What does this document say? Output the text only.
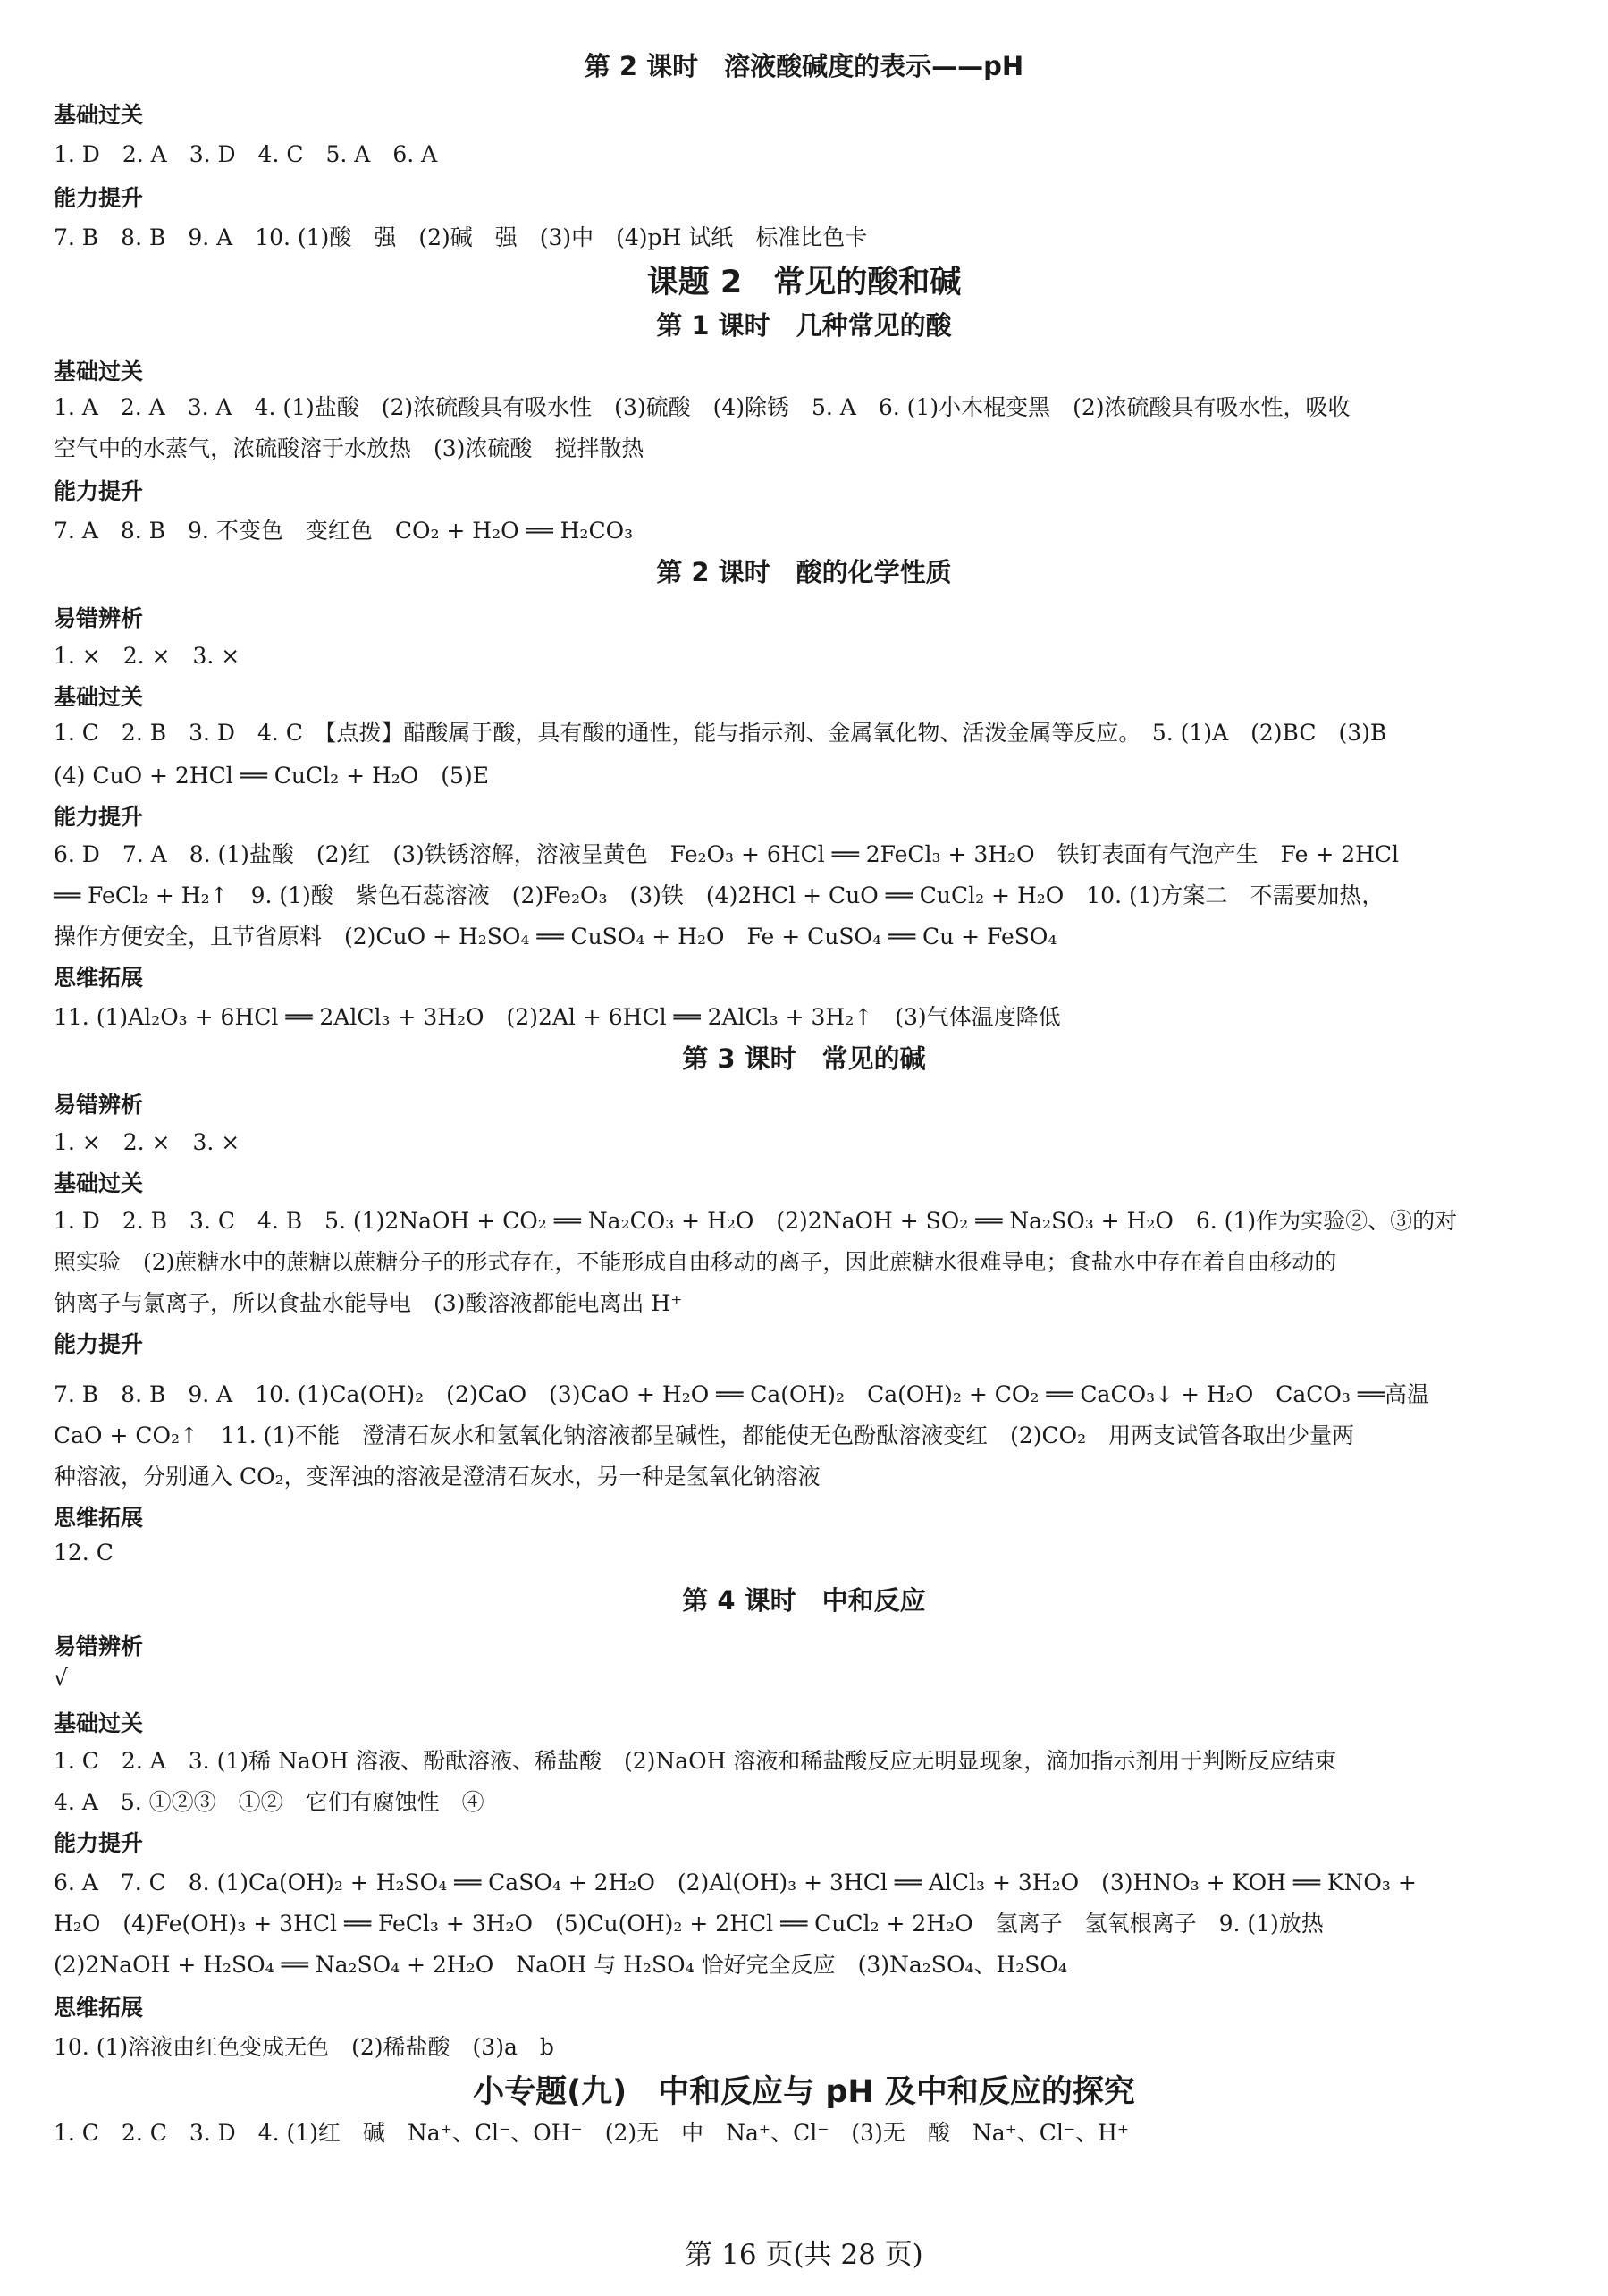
第 2 课时　溶液酸碱度的表示——pH
基础过关
1. D　2. A　3. D　4. C　5. A　6. A
能力提升
7. B　8. B　9. A　10. (1)酸　强　(2)碱　强　(3)中　(4)pH 试纸　标准比色卡
课题 2　常见的酸和碱
第 1 课时　几种常见的酸
基础过关
1. A　2. A　3. A　4. (1)盐酸　(2)浓硫酸具有吸水性　(3)硫酸　(4)除锈　5. A　6. (1)小木棍变黑　(2)浓硫酸具有吸水性，吸收
空气中的水蒸气，浓硫酸溶于水放热　(3)浓硫酸　搅拌散热
能力提升
7. A　8. B　9. 不变色　变红色　CO₂ + H₂O ══ H₂CO₃
第 2 课时　酸的化学性质
易错辨析
1. ×　2. ×　3. ×
基础过关
1. C　2. B　3. D　4. C　【点拨】醋酸属于酸，具有酸的通性，能与指示剂、金属氧化物、活泼金属等反应。　5. (1)A　(2)BC　(3)B
(4) CuO + 2HCl ══ CuCl₂ + H₂O　(5)E
能力提升
6. D　7. A　8. (1)盐酸　(2)红　(3)铁锈溶解，溶液呈黄色　Fe₂O₃ + 6HCl ══ 2FeCl₃ + 3H₂O　铁钉表面有气泡产生　Fe + 2HCl
══ FeCl₂ + H₂↑　9. (1)酸　紫色石蕊溶液　(2)Fe₂O₃　(3)铁　(4)2HCl + CuO ══ CuCl₂ + H₂O　10. (1)方案二　不需要加热，
操作方便安全，且节省原料　(2)CuO + H₂SO₄ ══ CuSO₄ + H₂O　Fe + CuSO₄ ══ Cu + FeSO₄
思维拓展
11. (1)Al₂O₃ + 6HCl ══ 2AlCl₃ + 3H₂O　(2)2Al + 6HCl ══ 2AlCl₃ + 3H₂↑　(3)气体温度降低
第 3 课时　常见的碱
易错辨析
1. ×　2. ×　3. ×
基础过关
1. D　2. B　3. C　4. B　5. (1)2NaOH + CO₂ ══ Na₂CO₃ + H₂O　(2)2NaOH + SO₂ ══ Na₂SO₃ + H₂O　6. (1)作为实验②、③的对
照实验　(2)蔗糖水中的蔗糖以蔗糖分子的形式存在，不能形成自由移动的离子，因此蔗糖水很难导电；食盐水中存在着自由移动的
钠离子与氯离子，所以食盐水能导电　(3)酸溶液都能电离出 H⁺
能力提升
7. B　8. B　9. A　10. (1)Ca(OH)₂　(2)CaO　(3)CaO + H₂O ══ Ca(OH)₂　Ca(OH)₂ + CO₂ ══ CaCO₃↓ + H₂O　CaCO₃ ══高温
CaO + CO₂↑　11. (1)不能　澄清石灰水和氢氧化钠溶液都呈碱性，都能使无色酚酞溶液变红　(2)CO₂　用两支试管各取出少量两
种溶液，分别通入 CO₂，变浑浊的溶液是澄清石灰水，另一种是氢氧化钠溶液
思维拓展
12. C
第 4 课时　中和反应
易错辨析
√
基础过关
1. C　2. A　3. (1)稀 NaOH 溶液、酚酞溶液、稀盐酸　(2)NaOH 溶液和稀盐酸反应无明显现象，滴加指示剂用于判断反应结束
4. A　5. ①②③　①②　它们有腐蚀性　④
能力提升
6. A　7. C　8. (1)Ca(OH)₂ + H₂SO₄ ══ CaSO₄ + 2H₂O　(2)Al(OH)₃ + 3HCl ══ AlCl₃ + 3H₂O　(3)HNO₃ + KOH ══ KNO₃ +
H₂O　(4)Fe(OH)₃ + 3HCl ══ FeCl₃ + 3H₂O　(5)Cu(OH)₂ + 2HCl ══ CuCl₂ + 2H₂O　氢离子　氢氧根离子　9. (1)放热
(2)2NaOH + H₂SO₄ ══ Na₂SO₄ + 2H₂O　NaOH 与 H₂SO₄ 恰好完全反应　(3)Na₂SO₄、H₂SO₄
思维拓展
10. (1)溶液由红色变成无色　(2)稀盐酸　(3)a　b
小专题(九)　中和反应与 pH 及中和反应的探究
1. C　2. C　3. D　4. (1)红　碱　Na⁺、Cl⁻、OH⁻　(2)无　中　Na⁺、Cl⁻　(3)无　酸　Na⁺、Cl⁻、H⁺
第 16 页(共 28 页)
